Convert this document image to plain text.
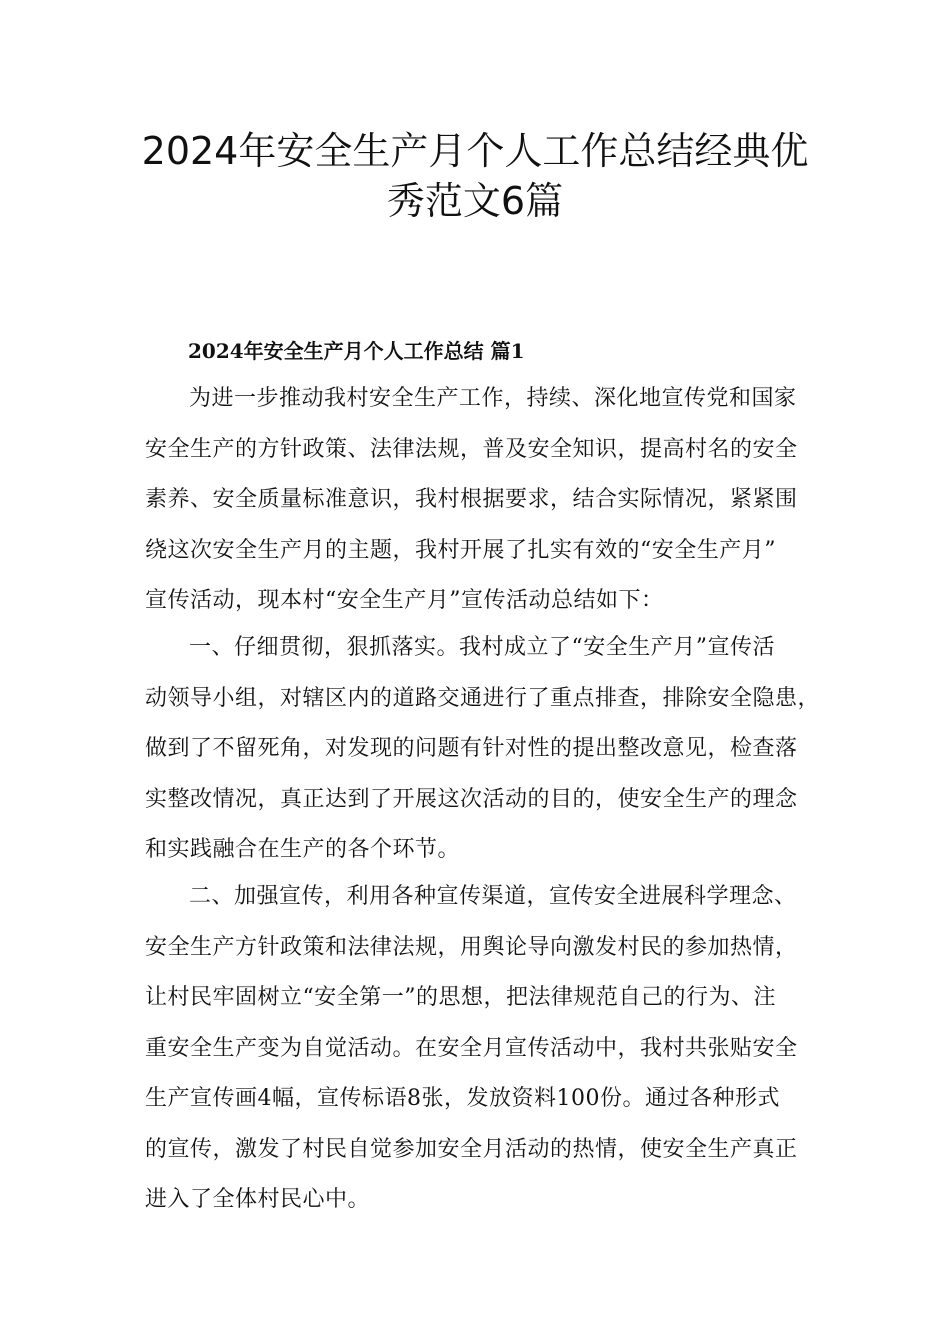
2024年安全生产月个人工作总结经典优
秀范文6篇
2024年安全生产月个人工作总结 篇1

为进一步推动我村安全生产工作，持续、深化地宣传党和国家
安全生产的方针政策、法律法规，普及安全知识，提高村名的安全
素养、安全质量标准意识，我村根据要求，结合实际情况，紧紧围
绕这次安全生产月的主题，我村开展了扎实有效的“安全生产月”
宣传活动，现本村“安全生产月”宣传活动总结如下：

一、仔细贯彻，狠抓落实。我村成立了“安全生产月”宣传活
动领导小组，对辖区内的道路交通进行了重点排查，排除安全隐患，
做到了不留死角，对发现的问题有针对性的提出整改意见，检查落
实整改情况，真正达到了开展这次活动的目的，使安全生产的理念
和实践融合在生产的各个环节。

二、加强宣传，利用各种宣传渠道，宣传安全进展科学理念、
安全生产方针政策和法律法规，用舆论导向激发村民的参加热情，
让村民牢固树立“安全第一”的思想，把法律规范自己的行为、注
重安全生产变为自觉活动。在安全月宣传活动中，我村共张贴安全
生产宣传画4幅，宣传标语8张，发放资料100份。通过各种形式
的宣传，激发了村民自觉参加安全月活动的热情，使安全生产真正
进入了全体村民心中。
